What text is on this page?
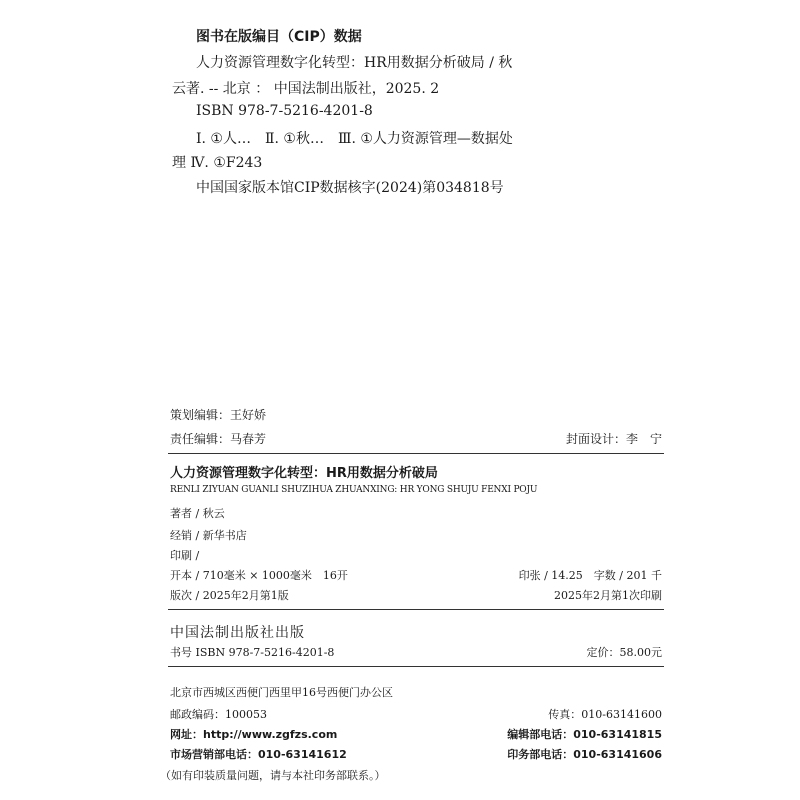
图书在版编目（CIP）数据
人力资源管理数字化转型：HR用数据分析破局 / 秋
云著. -- 北京 ： 中国法制出版社，2025. 2
ISBN 978-7-5216-4201-8
Ⅰ. ①人…　Ⅱ. ①秋…　Ⅲ. ①人力资源管理—数据处
理 Ⅳ. ①F243
中国国家版本馆CIP数据核字(2024)第034818号
策划编辑：王好娇
责任编辑：马春芳	封面设计：李　宁
人力资源管理数字化转型：HR用数据分析破局
RENLI ZIYUAN GUANLI SHUZIHUA ZHUANXING: HR YONG SHUJU FENXI POJU
著者 / 秋云
经销 / 新华书店
印刷 /
开本 / 710毫米 × 1000毫米　16开	印张 / 14.25　字数 / 201 千
版次 / 2025年2月第1版	2025年2月第1次印刷
中国法制出版社出版
书号 ISBN 978-7-5216-4201-8	定价：58.00元
北京市西城区西便门西里甲16号西便门办公区
邮政编码：100053	传真：010-63141600
网址：http://www.zgfzs.com	编辑部电话：010-63141815
市场营销部电话：010-63141612	印务部电话：010-63141606
（如有印装质量问题，请与本社印务部联系。）
